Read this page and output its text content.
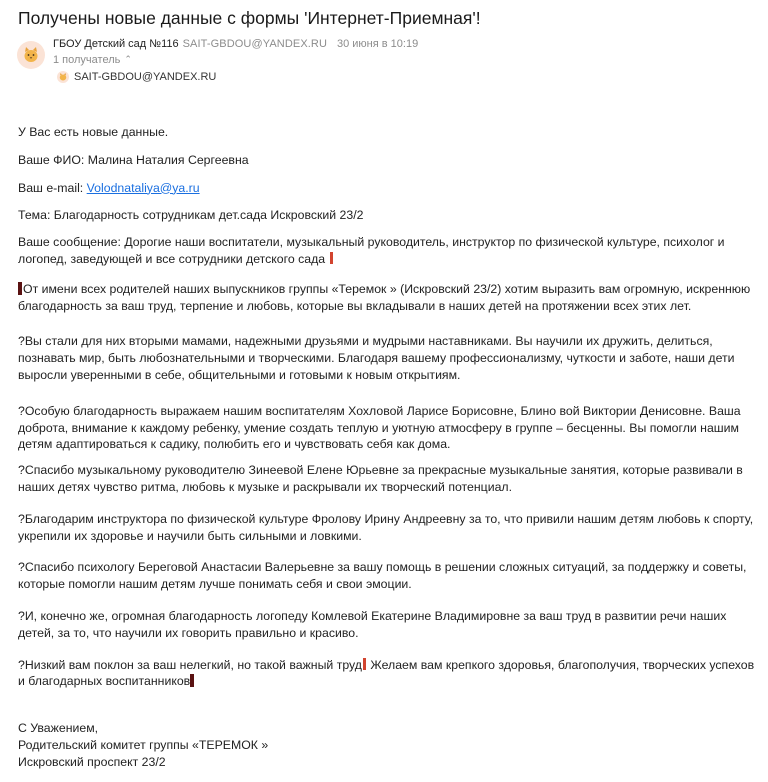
Получены новые данные с формы 'Интернет-Приемная'!
ГБОУ Детский сад №116 SAIT-GBDOU@YANDEX.RU 30 июня в 10:19
1 получатель ⌃
SAIT-GBDOU@YANDEX.RU

У Вас есть новые данные.

Ваше ФИО: Малина Наталия Сергеевна

Ваш e-mail: Volodnataliya@ya.ru

Тема: Благодарность сотрудникам дет.сада Искровский 23/2

Ваше сообщение: Дорогие наши воспитатели, музыкальный руководитель, инструктор по физической культуре, психолог и логопед, заведующей и все сотрудники детского сада

От имени всех родителей наших выпускников группы «Теремок » (Искровский 23/2) хотим выразить вам огромную, искреннюю благодарность за ваш труд, терпение и любовь, которые вы вкладывали в наших детей на протяжении всех этих лет.

?Вы стали для них вторыми мамами, надежными друзьями и мудрыми наставниками. Вы научили их дружить, делиться, познавать мир, быть любознательными и творческими. Благодаря вашему профессионализму, чуткости и заботе, наши дети выросли уверенными в себе, общительными и готовыми к новым открытиям.

?Особую благодарность выражаем нашим воспитателям Хохловой Ларисе Борисовне, Блино вой Виктории Денисовне. Ваша доброта, внимание к каждому ребенку, умение создать теплую и уютную атмосферу в группе – бесценны. Вы помогли нашим детям адаптироваться к садику, полюбить его и чувствовать себя как дома.

?Спасибо музыкальному руководителю Зинеевой Елене Юрьевне за прекрасные музыкальные занятия, которые развивали в наших детях чувство ритма, любовь к музыке и раскрывали их творческий потенциал.

?Благодарим инструктора по физической культуре Фролову Ирину Андреевну за то, что привили нашим детям любовь к спорту, укрепили их здоровье и научили быть сильными и ловкими.

?Спасибо психологу Береговой Анастасии Валерьевне за вашу помощь в решении сложных ситуаций, за поддержку и советы, которые помогли нашим детям лучше понимать себя и свои эмоции.

?И, конечно же, огромная благодарность логопеду Комлевой Екатерине Владимировне за ваш труд в развитии речи наших детей, за то, что научили их говорить правильно и красиво.

?Низкий вам поклон за ваш нелегкий, но такой важный труд Желаем вам крепкого здоровья, благополучия, творческих успехов и благодарных воспитанников

С Уважением,

Родительский комитет группы «ТЕРЕМОК »

Искровский проспект 23/2
